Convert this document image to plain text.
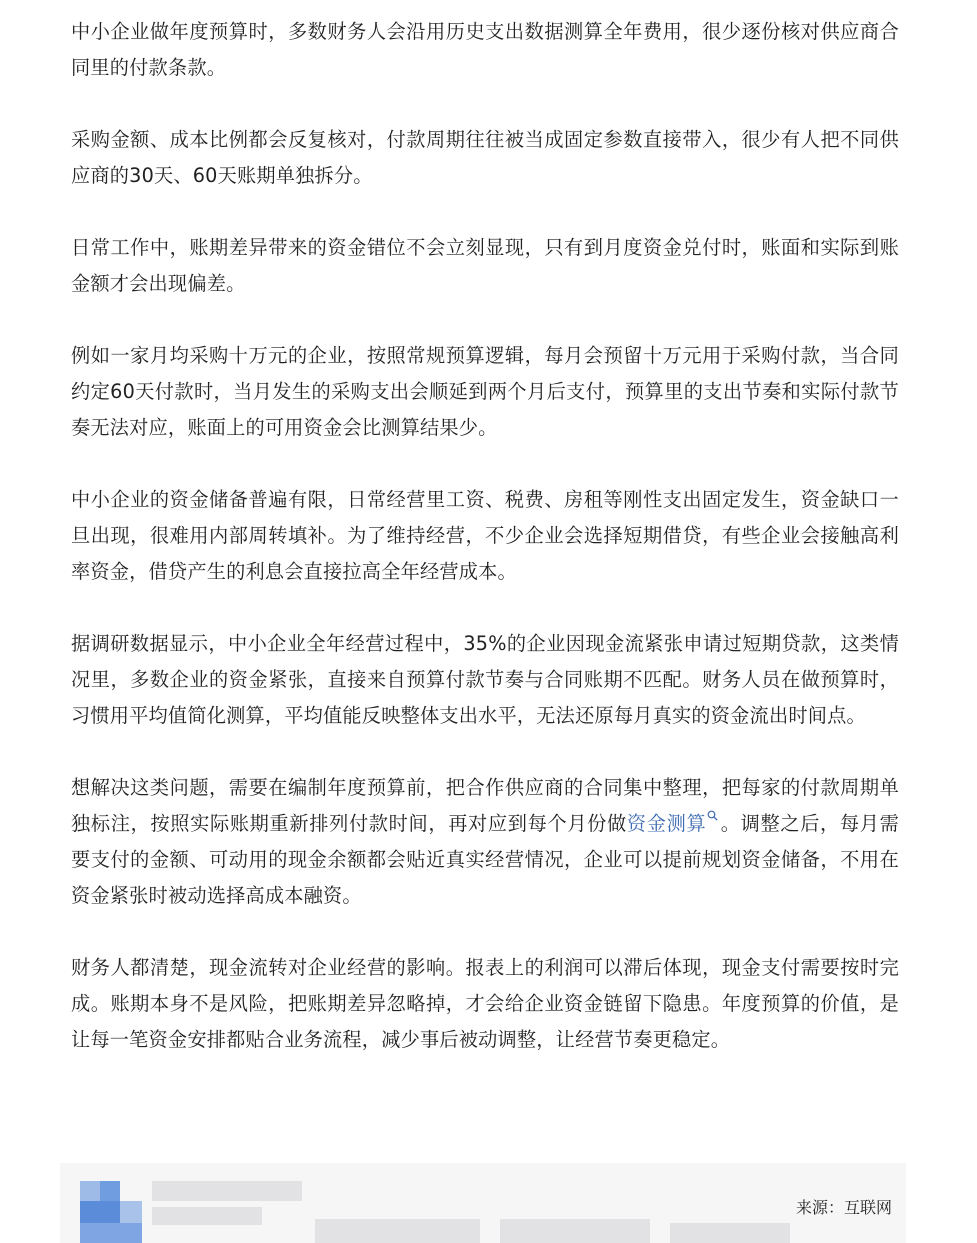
中小企业做年度预算时，多数财务人会沿用历史支出数据测算全年费用，很少逐份核对供应商合同里的付款条款。

采购金额、成本比例都会反复核对，付款周期往往被当成固定参数直接带入，很少有人把不同供应商的30天、60天账期单独拆分。

日常工作中，账期差异带来的资金错位不会立刻显现，只有到月度资金兑付时，账面和实际到账金额才会出现偏差。

例如一家月均采购十万元的企业，按照常规预算逻辑，每月会预留十万元用于采购付款，当合同约定60天付款时，当月发生的采购支出会顺延到两个月后支付，预算里的支出节奏和实际付款节奏无法对应，账面上的可用资金会比测算结果少。

中小企业的资金储备普遍有限，日常经营里工资、税费、房租等刚性支出固定发生，资金缺口一旦出现，很难用内部周转填补。为了维持经营，不少企业会选择短期借贷，有些企业会接触高利率资金，借贷产生的利息会直接拉高全年经营成本。

据调研数据显示，中小企业全年经营过程中，35%的企业因现金流紧张申请过短期贷款，这类情况里，多数企业的资金紧张，直接来自预算付款节奏与合同账期不匹配。财务人员在做预算时，习惯用平均值简化测算，平均值能反映整体支出水平，无法还原每月真实的资金流出时间点。

想解决这类问题，需要在编制年度预算前，把合作供应商的合同集中整理，把每家的付款周期单独标注，按照实际账期重新排列付款时间，再对应到每个月份做资金测算 。调整之后，每月需要支付的金额、可动用的现金余额都会贴近真实经营情况，企业可以提前规划资金储备，不用在资金紧张时被动选择高成本融资。

财务人都清楚，现金流转对企业经营的影响。报表上的利润可以滞后体现，现金支付需要按时完成。账期本身不是风险，把账期差异忽略掉，才会给企业资金链留下隐患。年度预算的价值，是让每一笔资金安排都贴合业务流程，减少事后被动调整，让经营节奏更稳定。

来源：互联网
